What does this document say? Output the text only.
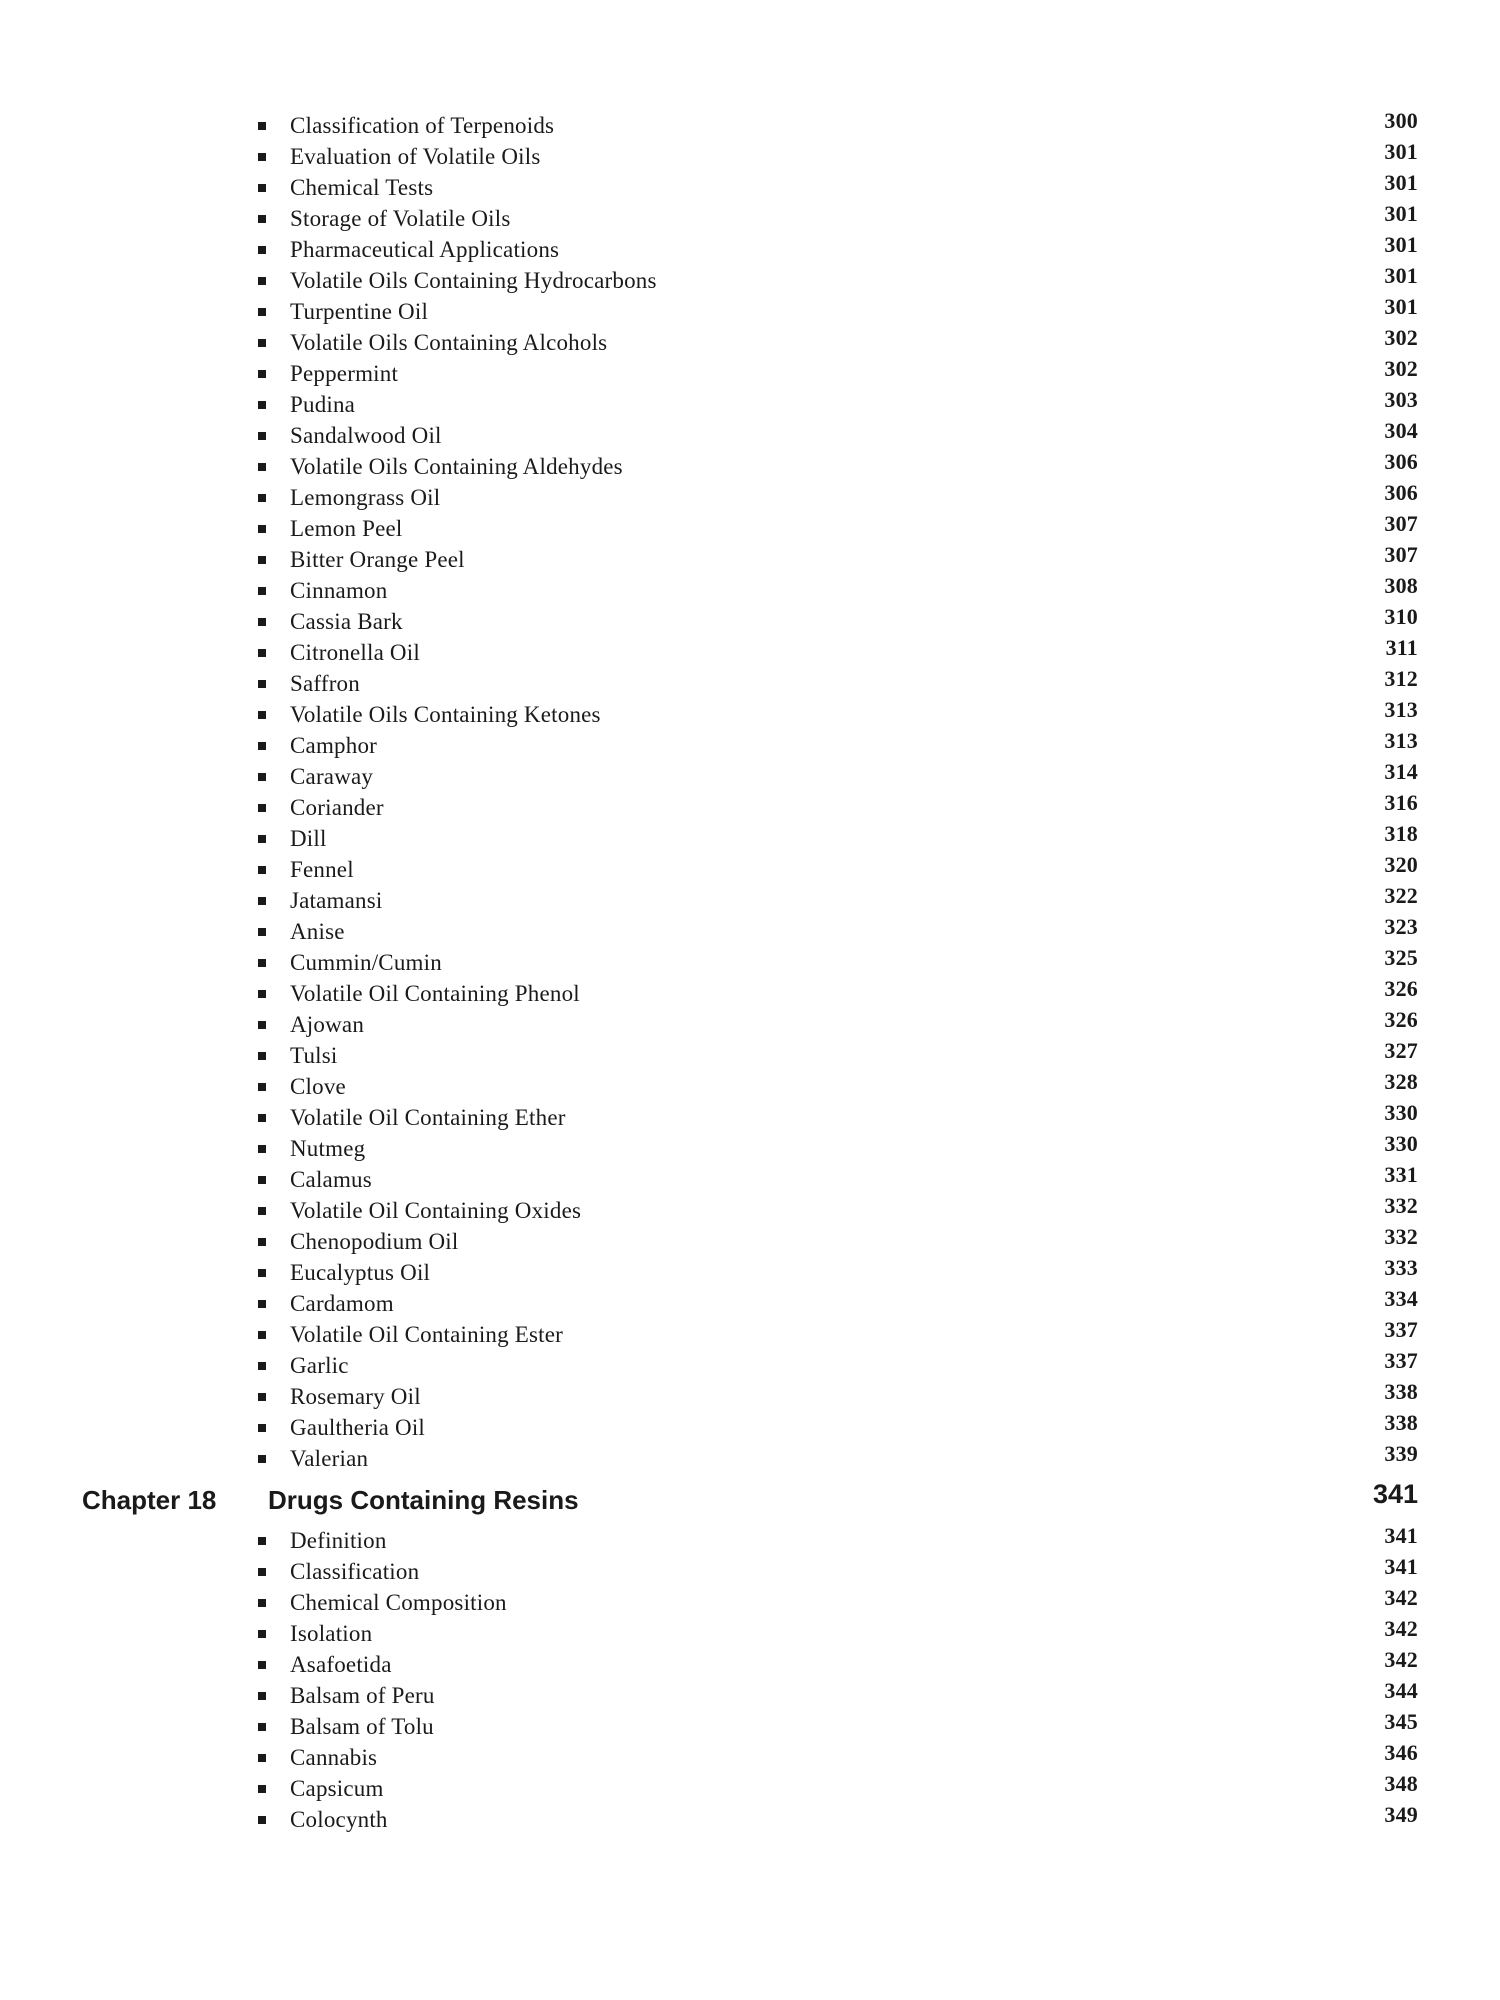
Classification of Terpenoids	300
Evaluation of Volatile Oils	301
Chemical Tests	301
Storage of Volatile Oils	301
Pharmaceutical Applications	301
Volatile Oils Containing Hydrocarbons	301
Turpentine Oil	301
Volatile Oils Containing Alcohols	302
Peppermint	302
Pudina	303
Sandalwood Oil	304
Volatile Oils Containing Aldehydes	306
Lemongrass Oil	306
Lemon Peel	307
Bitter Orange Peel	307
Cinnamon	308
Cassia Bark	310
Citronella Oil	311
Saffron	312
Volatile Oils Containing Ketones	313
Camphor	313
Caraway	314
Coriander	316
Dill	318
Fennel	320
Jatamansi	322
Anise	323
Cummin/Cumin	325
Volatile Oil Containing Phenol	326
Ajowan	326
Tulsi	327
Clove	328
Volatile Oil Containing Ether	330
Nutmeg	330
Calamus	331
Volatile Oil Containing Oxides	332
Chenopodium Oil	332
Eucalyptus Oil	333
Cardamom	334
Volatile Oil Containing Ester	337
Garlic	337
Rosemary Oil	338
Gaultheria Oil	338
Valerian	339
Chapter 18 Drugs Containing Resins	341
Definition	341
Classification	341
Chemical Composition	342
Isolation	342
Asafoetida	342
Balsam of Peru	344
Balsam of Tolu	345
Cannabis	346
Capsicum	348
Colocynth	349
